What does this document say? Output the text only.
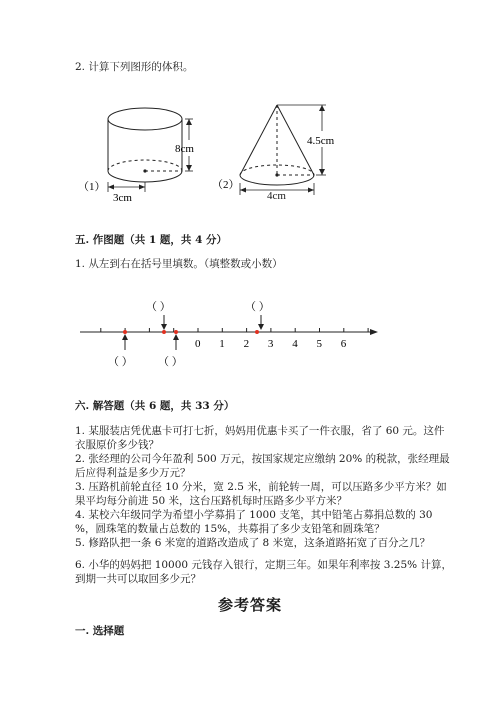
2. 计算下列图形的体积。
8cm
3cm
（1）
4.5cm
4cm
（2）
五. 作图题（共 1 题，共 4 分）
1. 从左到右在括号里填数。（填整数或小数）
0 1 2 3 4 5 6
（ ）	（ ）
（ ） （ ）
六. 解答题（共 6 题，共 33 分）
1. 某服装店凭优惠卡可打七折，妈妈用优惠卡买了一件衣服，省了 60 元。这件
衣服原价多少钱？
2. 张经理的公司今年盈利 500 万元，按国家规定应缴纳 20% 的税款，张经理最
后应得利益是多少万元？
3. 压路机前轮直径 10 分米，宽 2.5 米，前轮转一周，可以压路多少平方米？如
果平均每分前进 50 米，这台压路机每时压路多少平方米？
4. 某校六年级同学为希望小学募捐了 1000 支笔，其中铅笔占募捐总数的 30
%，圆珠笔的数量占总数的 15%，共募捐了多少支铅笔和圆珠笔？
5. 修路队把一条 6 米宽的道路改造成了 8 米宽，这条道路拓宽了百分之几？
6. 小华的妈妈把 10000 元钱存入银行，定期三年。如果年利率按 3.25% 计算，
到期一共可以取回多少元？
参考答案
一. 选择题
